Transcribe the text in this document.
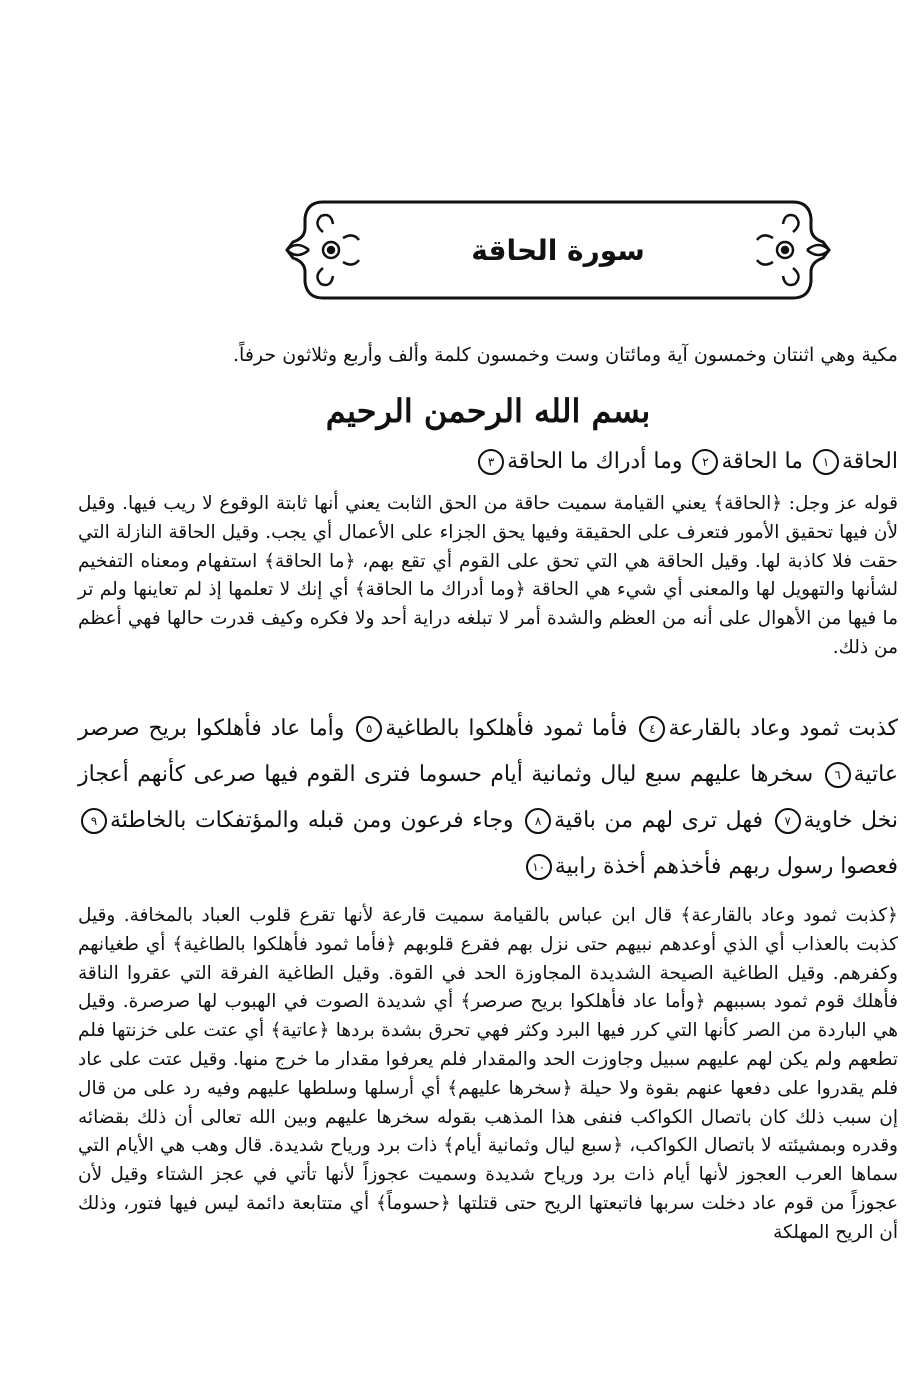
سورة الحاقة
مكية وهي اثنتان وخمسون آية ومائتان وست وخمسون كلمة وألف وأربع وثلاثون حرفاً.
بسم الله الرحمن الرحيم
الحاقة١ ما الحاقة٢ وما أدراك ما الحاقة٣

قوله عز وجل: ﴿الحاقة﴾ يعني القيامة سميت حاقة من الحق الثابت يعني أنها ثابتة الوقوع لا ريب فيها. وقيل لأن فيها تحقيق الأمور فتعرف على الحقيقة وفيها يحق الجزاء على الأعمال أي يجب. وقيل الحاقة النازلة التي حقت فلا كاذبة لها. وقيل الحاقة هي التي تحق على القوم أي تقع بهم، ﴿ما الحاقة﴾ استفهام ومعناه التفخيم لشأنها والتهويل لها والمعنى أي شيء هي الحاقة ﴿وما أدراك ما الحاقة﴾ أي إنك لا تعلمها إذ لم تعاينها ولم تر ما فيها من الأهوال على أنه من العظم والشدة أمر لا تبلغه دراية أحد ولا فكره وكيف قدرت حالها فهي أعظم من ذلك.

كذبت ثمود وعاد بالقارعة٤ فأما ثمود فأهلكوا بالطاغية٥ وأما عاد فأهلكوا بريح صرصر عاتية٦ سخرها عليهم سبع ليال وثمانية أيام حسوما فترى القوم فيها صرعى كأنهم أعجاز نخل خاوية٧ فهل ترى لهم من باقية٨ وجاء فرعون ومن قبله والمؤتفكات بالخاطئة٩ فعصوا رسول ربهم فأخذهم أخذة رابية١٠

﴿كذبت ثمود وعاد بالقارعة﴾ قال ابن عباس بالقيامة سميت قارعة لأنها تقرع قلوب العباد بالمخافة. وقيل كذبت بالعذاب أي الذي أوعدهم نبيهم حتى نزل بهم فقرع قلوبهم ﴿فأما ثمود فأهلكوا بالطاغية﴾ أي طغيانهم وكفرهم. وقيل الطاغية الصيحة الشديدة المجاوزة الحد في القوة. وقيل الطاغية الفرقة التي عقروا الناقة فأهلك قوم ثمود بسببهم ﴿وأما عاد فأهلكوا بريح صرصر﴾ أي شديدة الصوت في الهبوب لها صرصرة. وقيل هي الباردة من الصر كأنها التي كرر فيها البرد وكثر فهي تحرق بشدة بردها ﴿عاتية﴾ أي عتت على خزنتها فلم تطعهم ولم يكن لهم عليهم سبيل وجاوزت الحد والمقدار فلم يعرفوا مقدار ما خرج منها. وقيل عتت على عاد فلم يقدروا على دفعها عنهم بقوة ولا حيلة ﴿سخرها عليهم﴾ أي أرسلها وسلطها عليهم وفيه رد على من قال إن سبب ذلك كان باتصال الكواكب فنفى هذا المذهب بقوله سخرها عليهم وبين الله تعالى أن ذلك بقضائه وقدره وبمشيئته لا باتصال الكواكب، ﴿سبع ليال وثمانية أيام﴾ ذات برد ورياح شديدة. قال وهب هي الأيام التي سماها العرب العجوز لأنها أيام ذات برد ورياح شديدة وسميت عجوزاً لأنها تأتي في عجز الشتاء وقيل لأن عجوزاً من قوم عاد دخلت سربها فاتبعتها الريح حتى قتلتها ﴿حسوماً﴾ أي متتابعة دائمة ليس فيها فتور، وذلك أن الريح المهلكة
